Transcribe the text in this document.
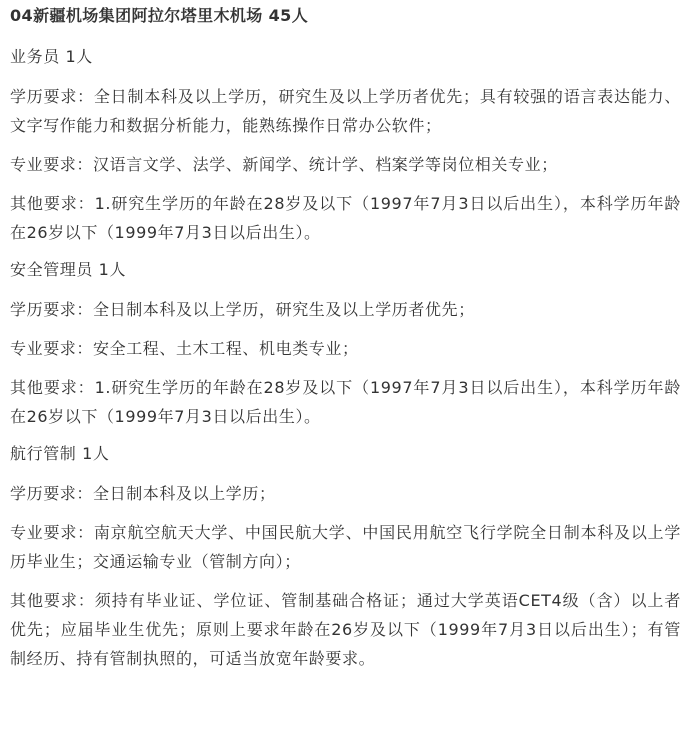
04新疆机场集团阿拉尔塔里木机场 45人

业务员 1人

学历要求：全日制本科及以上学历，研究生及以上学历者优先；具有较强的语言表达能力、文字写作能力和数据分析能力，能熟练操作日常办公软件；

专业要求：汉语言文学、法学、新闻学、统计学、档案学等岗位相关专业；

其他要求：1.研究生学历的年龄在28岁及以下（1997年7月3日以后出生），本科学历年龄在26岁以下（1999年7月3日以后出生）。

安全管理员 1人

学历要求：全日制本科及以上学历，研究生及以上学历者优先；

专业要求：安全工程、土木工程、机电类专业；

其他要求：1.研究生学历的年龄在28岁及以下（1997年7月3日以后出生），本科学历年龄在26岁以下（1999年7月3日以后出生）。

航行管制 1人

学历要求：全日制本科及以上学历；

专业要求：南京航空航天大学、中国民航大学、中国民用航空飞行学院全日制本科及以上学历毕业生；交通运输专业（管制方向）；

其他要求：须持有毕业证、学位证、管制基础合格证；通过大学英语CET4级（含）以上者优先；应届毕业生优先；原则上要求年龄在26岁及以下（1999年7月3日以后出生）；有管制经历、持有管制执照的，可适当放宽年龄要求。
